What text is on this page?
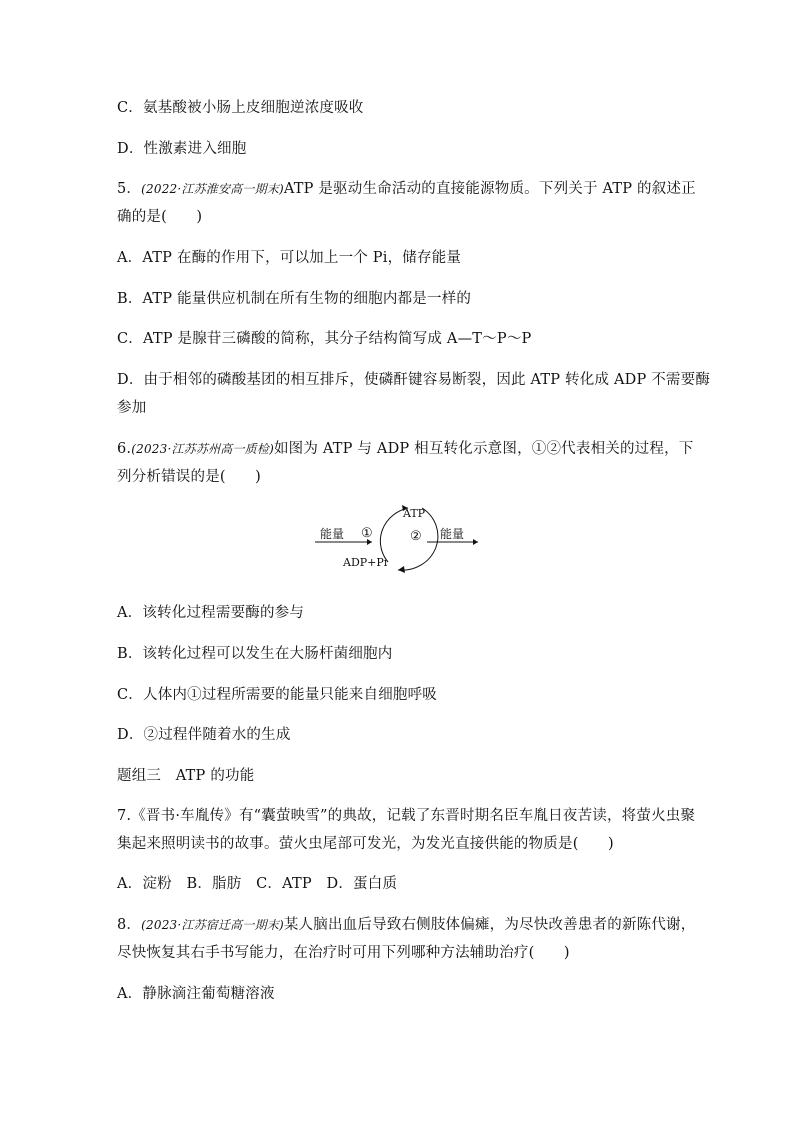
C．氨基酸被小肠上皮细胞逆浓度吸收
D．性激素进入细胞
5．(2022·江苏淮安高一期末)ATP 是驱动生命活动的直接能源物质。下列关于 ATP 的叙述正
确的是(　　)
A．ATP 在酶的作用下，可以加上一个 Pi，储存能量
B．ATP 能量供应机制在所有生物的细胞内都是一样的
C．ATP 是腺苷三磷酸的简称，其分子结构简写成 A—T～P～P
D．由于相邻的磷酸基团的相互排斥，使磷酐键容易断裂，因此 ATP 转化成 ADP 不需要酶
参加
6.(2023·江苏苏州高一质检)如图为 ATP 与 ADP 相互转化示意图，①②代表相关的过程，下
列分析错误的是(　　)
能量
ATP
ADP+Pi
①	② 能量
A．该转化过程需要酶的参与
B．该转化过程可以发生在大肠杆菌细胞内
C．人体内①过程所需要的能量只能来自细胞呼吸
D．②过程伴随着水的生成
题组三　ATP 的功能
7.《晋书·车胤传》有“囊萤映雪”的典故，记载了东晋时期名臣车胤日夜苦读，将萤火虫聚
集起来照明读书的故事。萤火虫尾部可发光，为发光直接供能的物质是(　　)
A．淀粉　B．脂肪　C．ATP　D．蛋白质
8．(2023·江苏宿迁高一期末)某人脑出血后导致右侧肢体偏瘫，为尽快改善患者的新陈代谢，
尽快恢复其右手书写能力，在治疗时可用下列哪种方法辅助治疗(　　)
A．静脉滴注葡萄糖溶液
